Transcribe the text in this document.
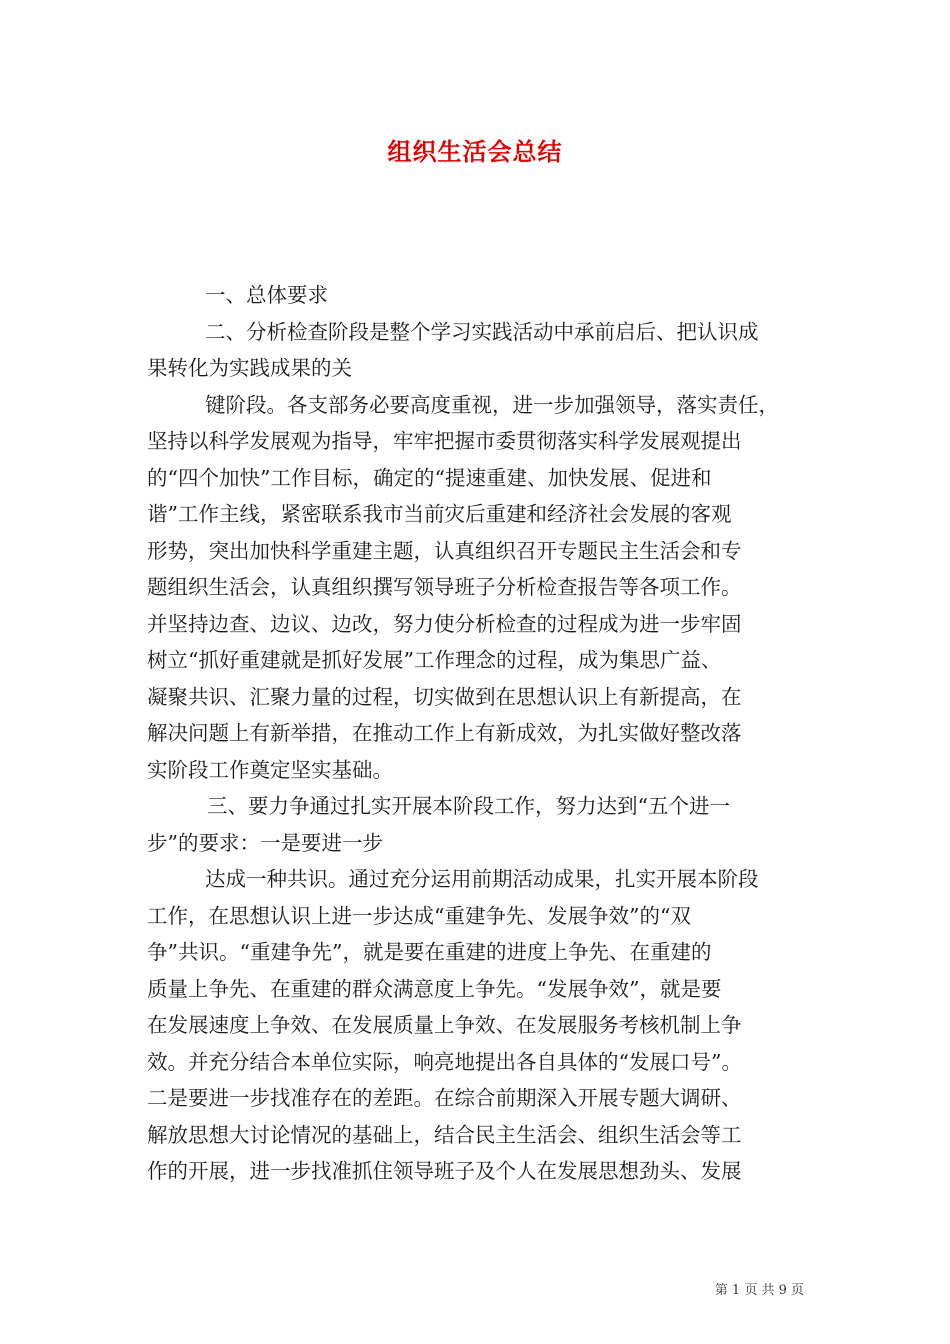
组织生活会总结
一、总体要求
二、分析检查阶段是整个学习实践活动中承前启后、把认识成
果转化为实践成果的关
键阶段。各支部务必要高度重视，进一步加强领导，落实责任，
坚持以科学发展观为指导，牢牢把握市委贯彻落实科学发展观提出
的“四个加快”工作目标，确定的“提速重建、加快发展、促进和
谐”工作主线，紧密联系我市当前灾后重建和经济社会发展的客观
形势，突出加快科学重建主题，认真组织召开专题民主生活会和专
题组织生活会，认真组织撰写领导班子分析检查报告等各项工作。
并坚持边查、边议、边改，努力使分析检查的过程成为进一步牢固
树立“抓好重建就是抓好发展”工作理念的过程，成为集思广益、
凝聚共识、汇聚力量的过程，切实做到在思想认识上有新提高，在
解决问题上有新举措，在推动工作上有新成效，为扎实做好整改落
实阶段工作奠定坚实基础。
三、要力争通过扎实开展本阶段工作，努力达到“五个进一
步”的要求：一是要进一步
达成一种共识。通过充分运用前期活动成果，扎实开展本阶段
工作，在思想认识上进一步达成“重建争先、发展争效”的“双
争”共识。“重建争先”，就是要在重建的进度上争先、在重建的
质量上争先、在重建的群众满意度上争先。“发展争效”，就是要
在发展速度上争效、在发展质量上争效、在发展服务考核机制上争
效。并充分结合本单位实际，响亮地提出各自具体的“发展口号”。
二是要进一步找准存在的差距。在综合前期深入开展专题大调研、
解放思想大讨论情况的基础上，结合民主生活会、组织生活会等工
作的开展，进一步找准抓住领导班子及个人在发展思想劲头、发展
第 1 页 共 9 页
